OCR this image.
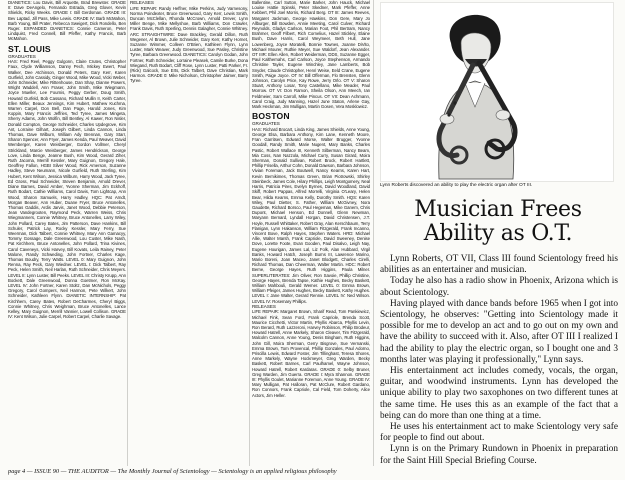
DIANETICS: Lou Davis, Bill Arquette, Brad Brewster. GRADE II: Dave DeAngelo, Fernando Estrada, Greg Glover, Kevin Shields, Ricky Weeks. GRADE I: Bill Gerdsman. GRADE III: Bev Laptad, Jill Pass, Mike Lewis. GRADE IV: Barb McMahon, Barb Young, Bill Prater, Rebecca Sweigert, Dick Rondello, Ben Ruger. EXPANDED DIANETICS: Connie Cameron, Peter Lindquist, Fred Connell, Bill Pfeffer, Kathy Francis, Barb McMahon.

ST. LOUIS
GRADUATES

HAS: Fred Reel, Peggy Gulgonn, Claire Crutes, Christopher Faux, Clyde Williamson, Danny Pech, Mickey Ewert, Paul Walker, Dee Atchinson, Donald Peters, Gary Kerr, Karen Gurfield, John Cassidy, Ginger Wood, Mike Wood, Vicki Weber, John Schneider, Mike Rittenhouse, Dan Shay, Dianne Powers, Wright Waddell, Ann Fraser, John Smith, Mike Wiegmann, Joyce Mueller, Lee Fournis, Peggy Gerber, Doug Smith, Howard Gurfeld, Bob Cassano, Richard Mullin II, Keith Carter, Ellen Miller, Beaux Jennings, Kim Hubert, Mathew Kuchma, Warren Carpel, Don Bell, Dan Page, Harold Jones, Kim Koppin, Mary Francis Jeffries, Ted Tyree, James Mingeta, Sherry Adams, John Wolfin, Bill Bentley, Al Kawer, Ron Nisler, Donald Compton, George Schneider, Charles Updegrove, Kim Ant, Lorraine Gilhart, Joseph Gilbert, Linda Cannon, Linda Thomas, Dave Wilburn, William Ady Brennan, Gary Starr, Sharon Spencer, Ann Fryer, James Kenda, Paul Weaver, David Wemberger, Karen Weisberger, Gordon Vollmer, Cheryl Strickland, Marcie Weisberger, James Hendrickson, George Love, Linda Benge, Jeanne Bush, Kim Wood, Gerard Ziher, Ruth Jacoma, Merrill Kessler, Mary Guignon, Gregory Hale, Geoffrey Fallon, HGBI Silver Wood, Rick Amerson, Suzanne Hadley, Steve Neumann, Nicole Gurfield, Ruth Sterling, Kim Hubert, Kent Wilson, Jessica Wilburn, Harry Wood, Jack Tyree, Ed Gross, Paul Schneider, Steven Benjamin, Arnold Drever, Diane Barnes, David Amber, Yvonne Sherman, Jim Eckhoff, Ruth Bodart, Cathie Williams, Carol Davis, Tom Lightcap, Ann Wood, Sharon Samuels, Harry Hadley, HQC: Pat Arndt, Morgan Beaver, Ann Huber, Duane Fryer, Bruce Antonelles, Thomas Gaddis, Ardis Jarvis, Janet Wood, Debbie Peterson, Jean Vandegrooten, Raymond Peck, Warren Weiss, Chris Wiegmanners, Connie Whitney, Bruce Antonelles, Larry Wiley, John Pollard, Carey Bates, Jim Patterson, Dave Hankins, Bill Schuler, Patrick Lay, Rocky Kessler, Mary Ferry, Sue Weerman, Dick Talbert, Connie Whitney, Mary Ann Gamacyy, Tommy Gossage, Dale Greenwood, Lou Custer, Mike Nash, Pat Kirchhem, Bruce Antonelles, John Pollard, Trina Kivines, Carol Caveneys, Vicki Harvey, Bill Kovats, Leila Rainey, Peter Malone, Randy Schweding, John Fortner, Charles Kage, Thomas Boudry, Terry Watts. LEVEL 0: Mary Guignon, John Renna, Ray Peck, Gary Wiedner. LEVEL I: Dick Talbert, Ray Peck, Helen Smith, Neil Harlan, Ruth Schneider, Chris Meyers. LEVEL II: Lynn Luster, Bill Peeks. LEVEL III: Christy Krupp, Ann Bockett, Dale Greenwood, Donna Goetmer, Ron McKay. LEVEL IV: John Fortner, Karen Stoltz, Dan McNichols, Peggy Gregory, Carol Gompers, Neil Harmon, Pete Wilkert, John Schneider, Kathleen Flynn. DIANETIC INTERNSHIP: Pat Kirchhem, Carey Bates, Robert DeCharmes, Cheryl Biggs, Connie Whitney, Chris Weighman, Bruce Antonelles, Lance Kelley, Mary Guignon, Merrill Vannier, Lowell Collison. GRADE IV: Kent Wilson, Julie Carpel, Robert Carpel, Charlie Savage.

RELEASES

LIFE REPAIR: Randy Heffner, Mike Perkins, Judy Varnesony, Norma Poindexter, Bruce Greenwood, Gary Kerr, Lewis Smith, Duncan McClellan, Rhonda McCrown, Arnold Drever, Lynn Miller Benge, Mike Mellyshoe, Barb Williams, Don Crawler, Frank Davis, Ruth Sperling, Dennis Galagher, Connie Whitney. ARC STRAIGHTWIRE: Dave Brackley, Gerald Dillon, Ruth Wegener, Al Brown, Julie Schneider, Gary Kerr, Kathy Hornet, Suzanne Wimmer, Colleen O'Brien, Kathleen Flynn, Lynn Luster, Mark Weaver, Judy Greenwood, Sue Pasley, Christine Tyree, Barbara Greenwood. DIANETICS: Carolyn Godan, John Fortner, Ruth Schneider, Lorraine Pleasek, Camile Burke, Dona Wiegand, Ruth Bodart, Cliff Rose, Lynn Luster, Patti Parker, Fr. (Rick) Galcock, Sue Erts, Dick Talbert, Dave Christian, Mark Harmon. GRADE 0: Mike Nicholson, Christopher Jaimer, Barry Tyree.

Ballentine, Carl Sutton, Marie Barker, John Hauck, Michael Louise Hattie Spinski, Peter Skedner, Mark Pfeffer, Anne Kebbert, Phil Joel Morris, Richard Berg. OT III: James Reeves, Margaret Jackman, George Hawkins, Don Gere, Mary Jo Allburger, Bill Bowden, Annie Meeting, Carol Culver, Richard Reynolds, Gladys Carlson, Marian Foot, Phil Bertram, Nancy Brahmer, Geoff Filbert, Rich Cornelius, Hazel Stickley, Elaine Bush, Dave Harris, Carol Weymeer, Beth Hull, Jane Lowenberg, Joyce Moratelli, Bonnie Townes, Joanne DiVito, Michael Mourer, Ruthie Meyer, Sue Waldorf, Jean Alexander. OT IIIR: Ellen Allen, Robert Weiderman, DDS, Suzanne Egger, Paul Kalthernahs, Carl Carlson, Joyce Stephenson, Armando Christine Tayler, Eugene Winchley, Jane Lamberts, Bob Snyder, Claude Christopher, Henri Weise, Eeld Crane, Eugene Smith, Paige Joyce. OT IV: Bill Offerman, Flo Brensten, Glenn Johnson, Carolyn Price, Kay Rowe, Jerry Orlo. OT V: Sharon Stuart, Anthony Losar, Tony Castellano, Mike Meader, Paul Morrow. OT VI: Don Ramon, Sheila Olson, Ann Meech, Ian Feldmeier, Sam Carroll, Mike Pincus. OT VII: Dean Achmann, Carol Craig, Judy Manning, Hazel June Staton, Arlene Gay, Mark Heckman, Jim Mulligan, Martin Gosen, Vera Mosklowicz.

BOSTON
GRADUATES

HAS: Richard Brocart, Linda King, James Shields, Anne Young, George Elsa, Barbara Anthony, Kim Lane, Kenneth Moore, Fran Garritsen, Edward Morse, Walter Brugger, Yvonne Goodall, Randy Smith, Marie Nugent, Mary Banks, Charles Pastic, Robert Wallace III, Kenneth Silberman, Nancy Beam, Mia Coss, Nan Nazzola, Michael Curry, Susan Girard, Moira Sherman, Donald Sullivan, Robert Brock, Robert Hartlett, Phillip Frisella, Arthur Cohn, Donald Dawson, Barbara Johnson, Vivian Foreman, Jack Boutwell, Nancy Kearns, Karen Hart, Kevin Bernikimes, Thomas Green, Brian Piotrowski, Shirley Steinbeck, James Cole, Hilary Phillips, Leigh Montgomery, Neal Harris, Patricia Pires, Evelyn Byrnes, David Woodland, David Skiff, Robert Pappas, Alfred Morrelli, Virginia O'Leary, Helen Bear, Hilda Kearns, Emma Kelly, Dorothy Smith. HQS: Karen Wiley, Paul Dietter, S. Father, William McGivney, Nora Gaudette, Richard Borsco, Paul Hegeman, Mike Ganem, Chris Dupont, Michael Henson, Ed Donnell, Glenn Newman, Maryann Bernard, Lyndall Horgan, David Christensen, J.T. Hoyle, Russell Whittaker, Robert Gray, Alan Kerschbaum, Terry Flanigan, Lynn Hakanson, William Fitzgerald, Frank Incanno, Vincent Bove, Ralph Hayes, Stephen Waters. HRD: Michael Allie, Walter Marsh, Frank Capriole, David Sweeney, Denise Dove, Lorette Foote, Evan Gooden, Paul Disalvo, Leigh Nay, Eugene Hourigan, James Lal, Liz Folk, Alan Hubbard, Virgil Banks, Howard Hatch, Joseph Burns III, Lawrence Marino, Mario Boreni, Joan Maceo, Janet Blodgett, Charles Cirelli, Richard Thomas, Dan Cheerman, Walter Martin. HDC: Robert Berne, George Hayes, Ruth Higgins, Paula Milner. SUPERLITERATES: Jim Oliver, Ron Savoie, Phillip Christine, George Hayes, Brenda Tapse, Kathie Hughes, Becky Baskett, William Mahbouli, Gerald Wemer. LEVEL 0: Emma Brown, William Pfeiger, James Hughes, Becky Baskett, Kathy Hughes. LEVEL I: Jane Walter, Gerard Rennie. LEVEL IV: Ned Wilson. LEVEL IV: Rosemary Phillips.

RELEASES

LIFE REPAIR: Margaret Brown, Sharif Read, Tom Pankiewicz, Michael Fink, Sean Ford, Frank Capriole, Brenda Scott, Maurice Cicchetti, Victor Martin, Phyllis Abarca, Phyllis Levin, Ron Berard, Ruth Lazzeroni, Harvey Robinson, Philip Brodeur, Howard Hatrell, Anne Markely, Sharon Cleaver, Tim Fitzgerald, Malcolm Cannon, Anne Young, Denis Bingham, Ruth Higgins, John Gill, Moira Sherman, Gerry Bisgrove, Sue Vernanski, Emma Brown, Tom Provencal, Phillip Gonzales, Paul Adorno, Priscilla Lewis, Edward Foster, Jim Tillinghast, Teresa Shores, Anne Markely, Wayne Hockmeyer, Greg Warden, Becky Baskett, Robert Barnes, Carl Paulhamel, Wayne Johnson, Howard Hatrell, Robert Kardaras. GRADE 0: Selby Bruner, Greg Warden, Jim Guerra. GRADE I: Myra Shannon. GRADE III: Phyllis Goulet, Marianne Foremon, Anne Young. GRADE IV: Mary Mulligan, Pat Halloran, Pat McClure, Robert Gardano, Ron Connors, Frank Capriole, Cal Field, Tom Doherty, Alice Actors, Jim Heller.

Lynn Roberts discovered an ability to play the electric organ after OT III.
Musician Frees Ability as O.T.

Lynn Roberts, OT VII, Class III found Scientology freed his abilities as an entertainer and musician.

Today he also has a radio show in Phoenix, Arizona which is about Scientology.

Having played with dance bands before 1965 when I got into Scientology, he observes: "Getting into Scientology made it possible for me to develop an act and to go out on my own and have the ability to succeed with it. Also, after OT III I realized I had the ability to play the electric organ, so I bought one and 3 months later was playing it professionally," Lynn says.

His entertainment act includes comedy, vocals, the organ, guitar, and woodwind instruments. Lynn has developed the unique ability to play two saxophones on two different tunes at the same time. He uses this as an example of the fact that a being can do more than one thing at a time.

He uses his entertainment act to make Scientology very safe for people to find out about.

Lynn is on the Primary Rundown in Phoenix in preparation for the Saint Hill Special Briefing Course.

page 4 — ISSUE 90 — THE AUDITOR — The Monthly Journal of Scientology — Scientology is an applied religious philosophy
